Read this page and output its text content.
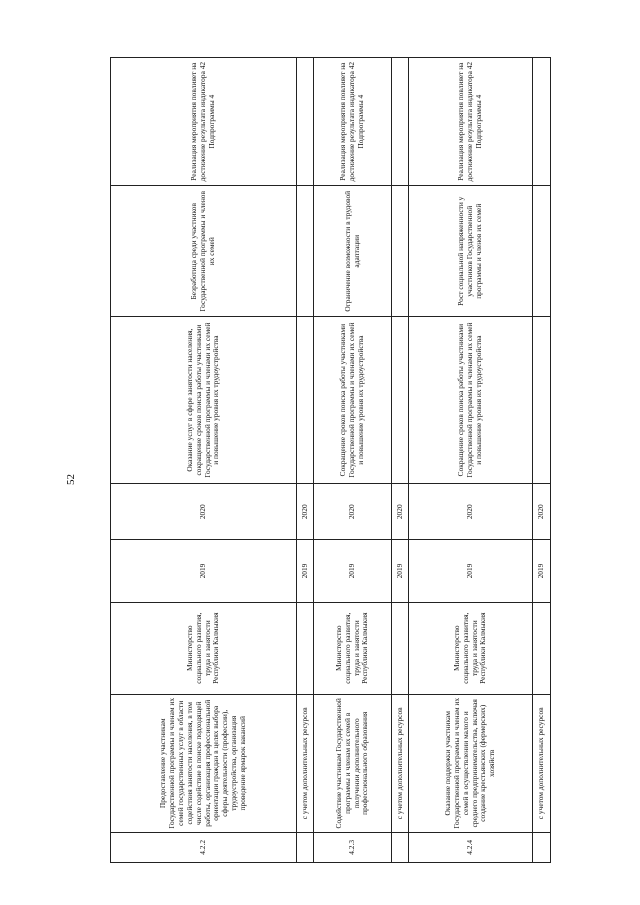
52
4.2.2	Предоставление участникам Государственной программы и членам их семей государственных услуг в области содействия занятости населения, в том числе содействие в поиске подходящей работы, организация профессиональной ориентации граждан в целях выбора сферы деятельности (профессии), трудоустройства, организация проведение ярмарок вакансий	Министерство социального развития, труда и занятости Республики Калмыкия	2019	2020	Оказание услуг в сфере занятости населения, сокращение сроков поиска работы участниками Государственной программы и членами их семей и повышение уровня их трудоустройства	Безработица среди участников Государственной программы и членов их семей	Реализация мероприятия повлияет на достижение результата индикатора 42 Подпрограммы 4
	с учетом дополнительных ресурсов		2019	2020			
4.2.3	Содействие участникам Государственной программы и членам их семей в получении дополнительного профессионального образования	Министерство социального развития, труда и занятости Республики Калмыкия	2019	2020	Сокращение сроков поиска работы участниками Государственной программы и членами их семей и повышение уровня их трудоустройства	Ограничение возможности в трудовой адаптации	Реализация мероприятия повлияет на достижение результата индикатора 42 Подпрограммы 4
	с учетом дополнительных ресурсов		2019	2020			
4.2.4	Оказание поддержки участникам Государственной программы и членам их семей в осуществлении малого и среднего предпринимательства, включая создание крестьянских (фермерских) хозяйств	Министерство социального развития, труда и занятости Республики Калмыкия	2019	2020	Сокращение сроков поиска работы участниками Государственной программы и членами их семей и повышение уровня их трудоустройства	Рост социальной напряженности у участников Государственной программы и членов их семей	Реализация мероприятия повлияет на достижение результата индикатора 42 Подпрограммы 4
	с учетом дополнительных ресурсов		2019	2020			
